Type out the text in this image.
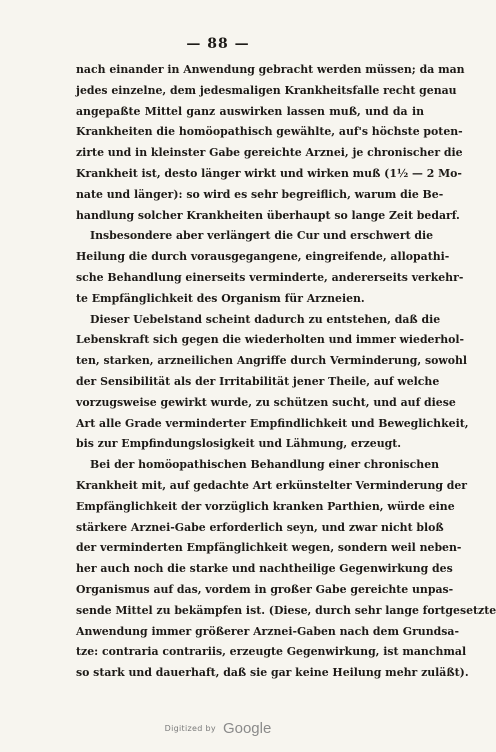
— 88 —
nach einander in Anwendung gebracht werden müssen; da man
jedes einzelne, dem jedesmaligen Krankheitsfalle recht genau
angepaßte Mittel ganz auswirken lassen muß, und da in
Krankheiten die homöopathisch gewählte, auf's höchste poten-
zirte und in kleinster Gabe gereichte Arznei, je chronischer die
Krankheit ist, desto länger wirkt und wirken muß (1½ — 2 Mo-
nate und länger): so wird es sehr begreiflich, warum die Be-
handlung solcher Krankheiten überhaupt so lange Zeit bedarf.
Insbesondere aber verlängert die Cur und erschwert die
Heilung die durch vorausgegangene, eingreifende, allopathi-
sche Behandlung einerseits verminderte, andererseits verkehr-
te Empfänglichkeit des Organism für Arzneien.
Dieser Uebelstand scheint dadurch zu entstehen, daß die
Lebenskraft sich gegen die wiederholten und immer wiederhol-
ten, starken, arzneilichen Angriffe durch Verminderung, sowohl
der Sensibilität als der Irritabilität jener Theile, auf welche
vorzugsweise gewirkt wurde, zu schützen sucht, und auf diese
Art alle Grade verminderter Empfindlichkeit und Beweglichkeit,
bis zur Empfindungslosigkeit und Lähmung, erzeugt.
Bei der homöopathischen Behandlung einer chronischen
Krankheit mit, auf gedachte Art erkünstelter Verminderung der
Empfänglichkeit der vorzüglich kranken Parthien, würde eine
stärkere Arznei-Gabe erforderlich seyn, und zwar nicht bloß
der verminderten Empfänglichkeit wegen, sondern weil neben-
her auch noch die starke und nachtheilige Gegenwirkung des
Organismus auf das, vordem in großer Gabe gereichte unpas-
sende Mittel zu bekämpfen ist. (Diese, durch sehr lange fortgesetzte
Anwendung immer größerer Arznei-Gaben nach dem Grundsa-
tze: contraria contrariis, erzeugte Gegenwirkung, ist manchmal
so stark und dauerhaft, daß sie gar keine Heilung mehr zuläßt).
Digitized by Google
